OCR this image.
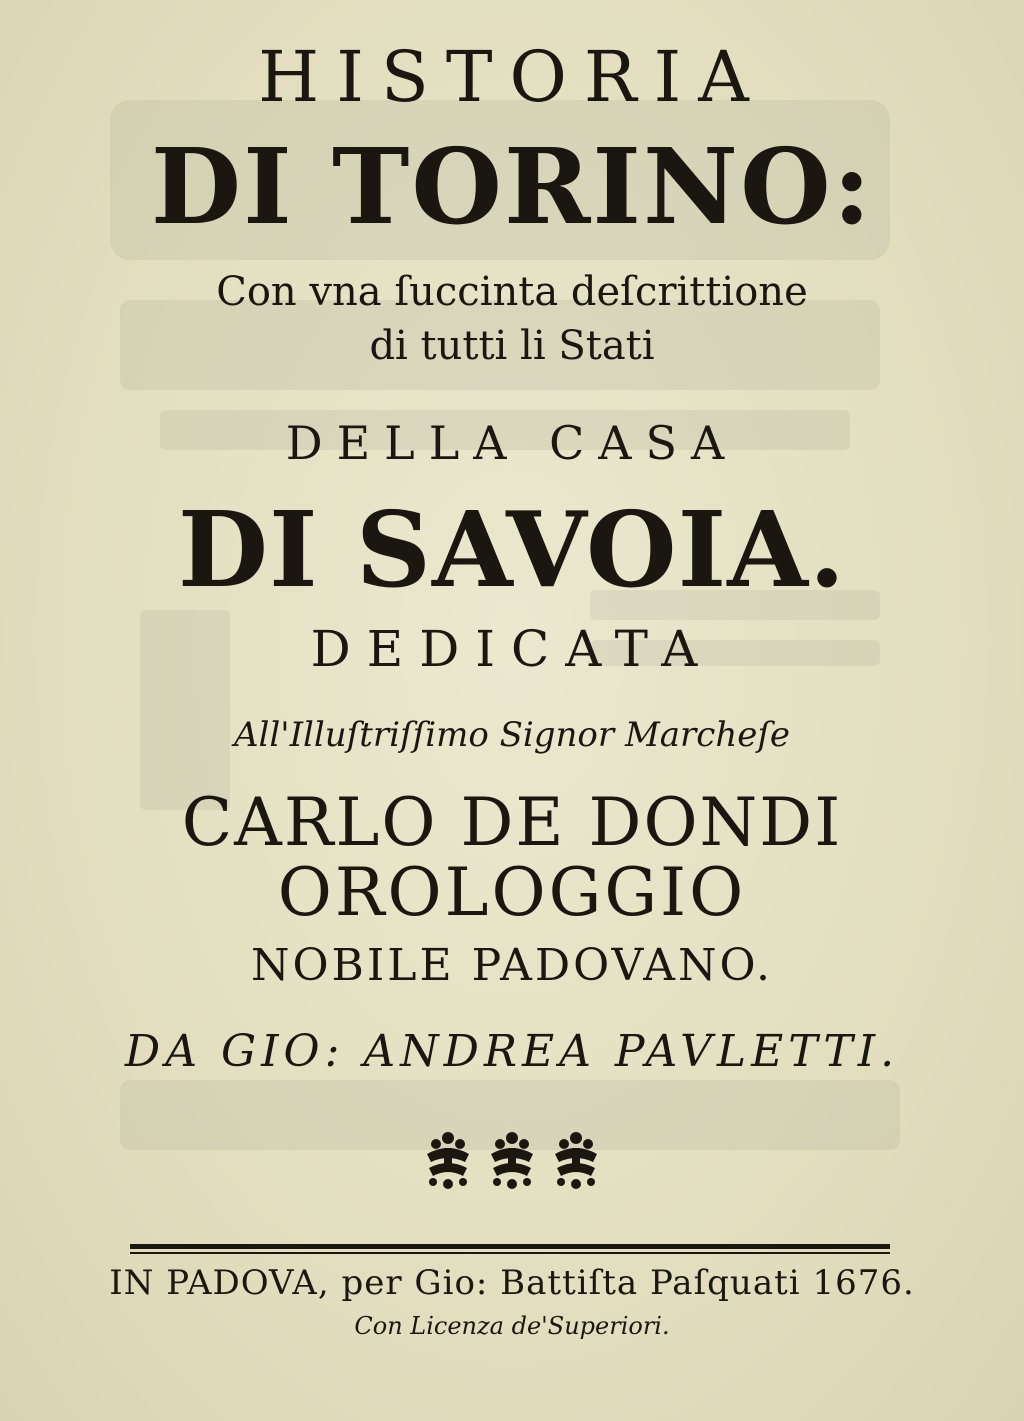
HISTORIA
DI TORINO:
Con vna ſuccinta deſcrittione
di tutti li Stati
DELLA CASA
DI SAVOIA.
DEDICATA
All'Illuſtriſſimo Signor Marcheſe
CARLO DE DONDI
OROLOGGIO
NOBILE PADOVANO.
DA GIO: ANDREA PAVLETTI.
IN PADOVA, per Gio: Battiſta Paſquati 1676.
Con Licenza de'Superiori.
